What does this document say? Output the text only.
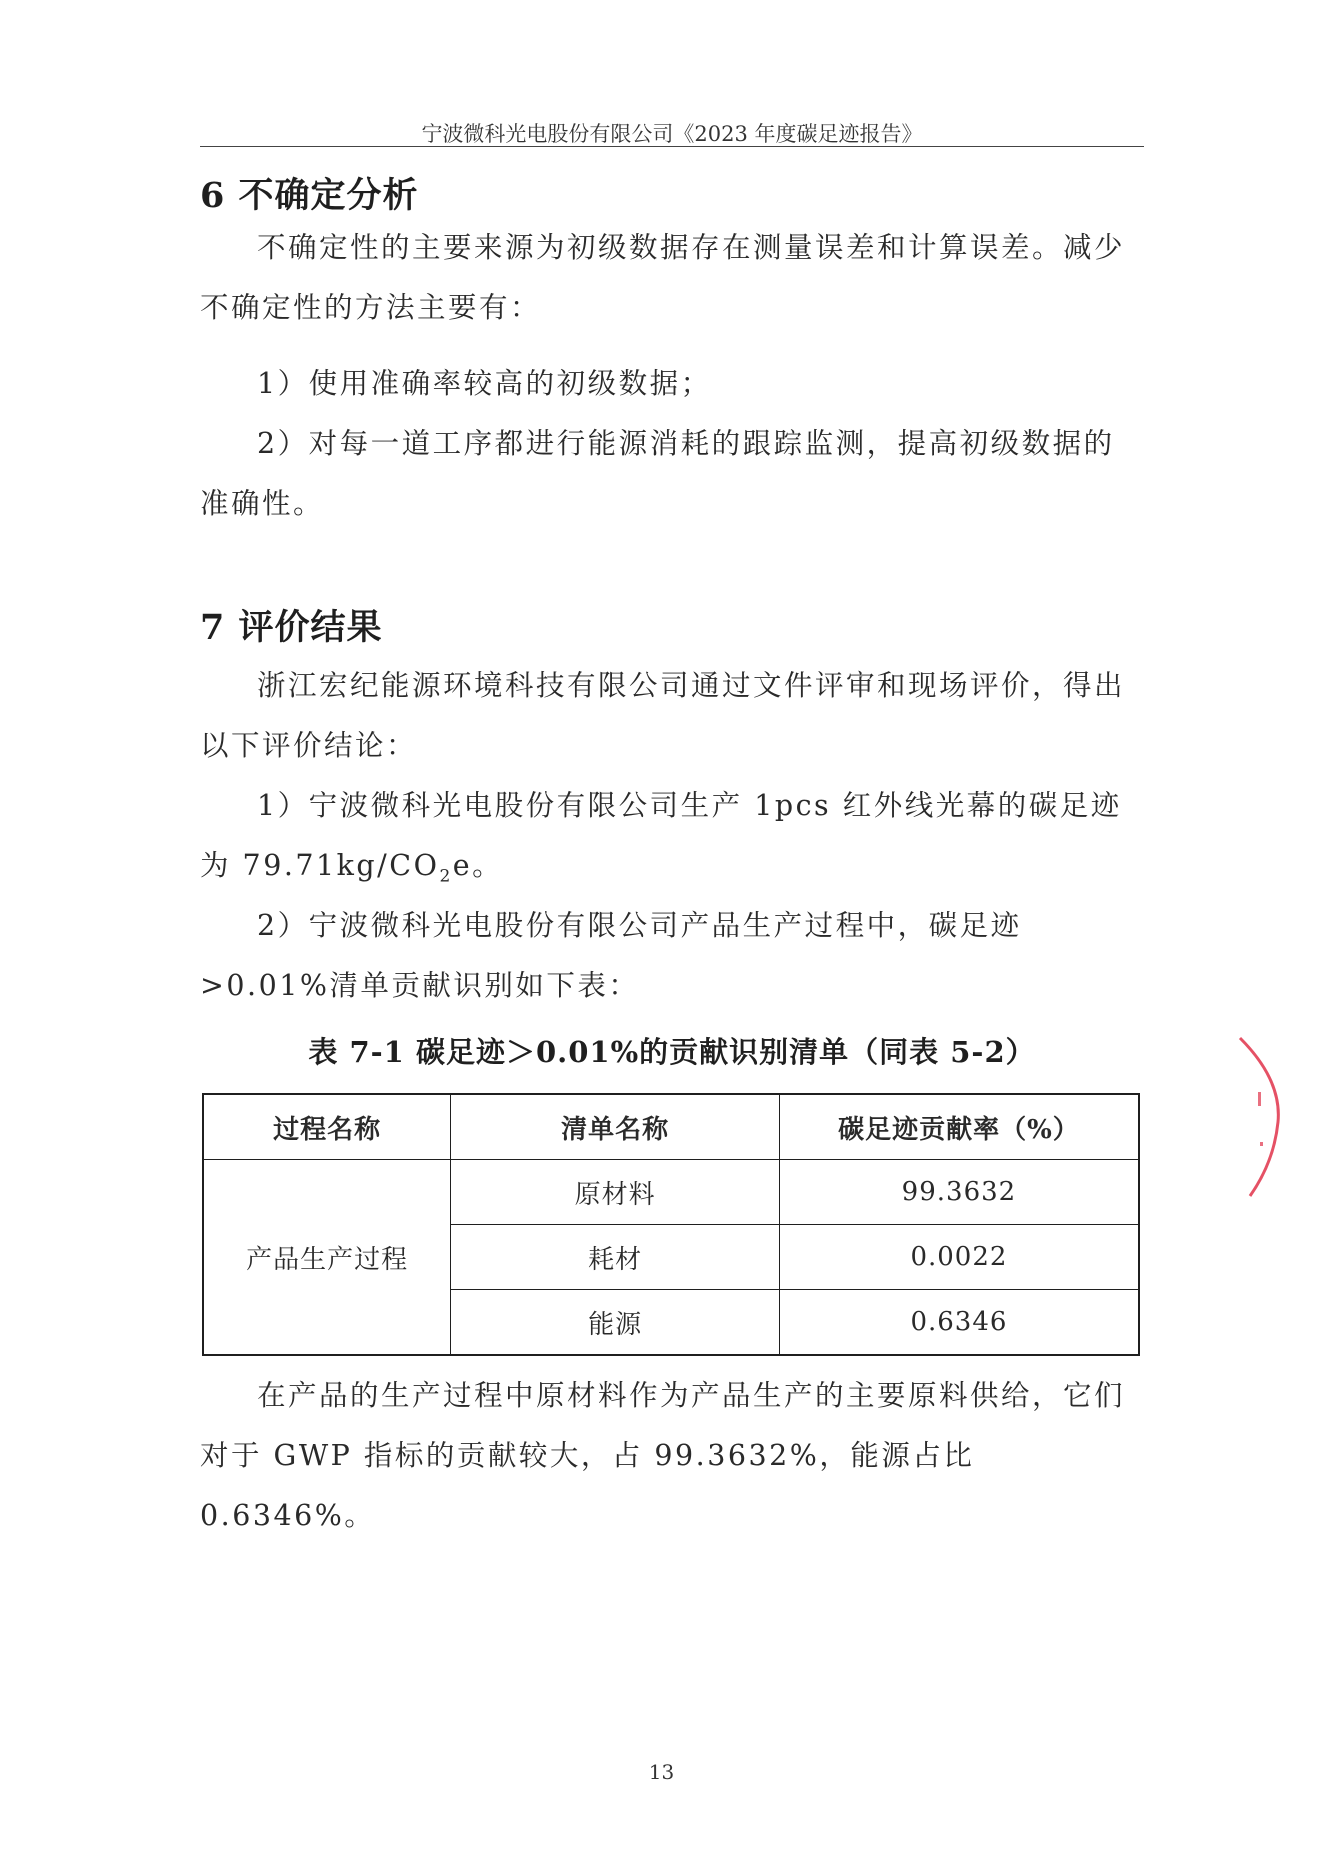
宁波微科光电股份有限公司《2023 年度碳足迹报告》
6 不确定分析

不确定性的主要来源为初级数据存在测量误差和计算误差。减少不确定性的方法主要有：

1）使用准确率较高的初级数据；

2）对每一道工序都进行能源消耗的跟踪监测，提高初级数据的准确性。

7 评价结果

浙江宏纪能源环境科技有限公司通过文件评审和现场评价，得出以下评价结论：

1）宁波微科光电股份有限公司生产 1pcs 红外线光幕的碳足迹为 $79.71kg/CO_2e$。

2）宁波微科光电股份有限公司产品生产过程中，碳足迹>0.01%清单贡献识别如下表：

表 7-1 碳足迹＞0.01%的贡献识别清单（同表 5-2）
过程名称	清单名称	碳足迹贡献率（%）
产品生产过程	原材料	99.3632
	耗材	0.0022
	能源	0.6346

在产品的生产过程中原材料作为产品生产的主要原料供给，它们对于 GWP 指标的贡献较大，占 99.3632%，能源占比 0.6346%。

13
